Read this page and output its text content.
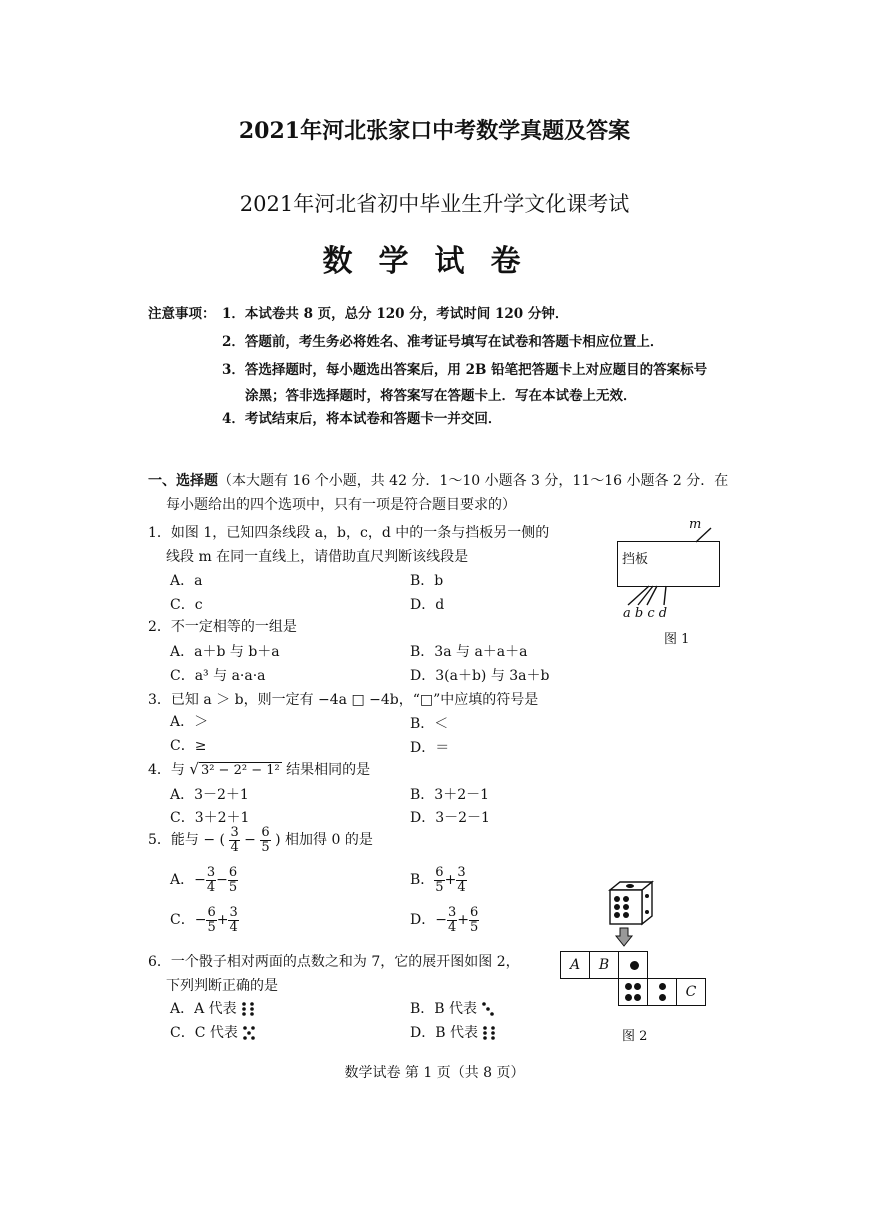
2021年河北张家口中考数学真题及答案
2021年河北省初中毕业生升学文化课考试
数学试卷
注意事项： 1．本试卷共 8 页，总分 120 分，考试时间 120 分钟．
2．答题前，考生务必将姓名、准考证号填写在试卷和答题卡相应位置上．
3．答选择题时，每小题选出答案后，用 2B 铅笔把答题卡上对应题目的答案标号
涂黑；答非选择题时，将答案写在答题卡上．写在本试卷上无效．
4．考试结束后，将本试卷和答题卡一并交回．
一、选择题（本大题有 16 个小题，共 42 分．1～10 小题各 3 分，11～16 小题各 2 分．在
每小题给出的四个选项中，只有一项是符合题目要求的）
1．如图 1，已知四条线段 a，b，c，d 中的一条与挡板另一侧的
线段 m 在同一直线上，请借助直尺判断该线段是
A．a	B．b
C．c	D．d
挡板
m
a b c d
图 1
2．不一定相等的一组是
A．a＋b 与 b＋a	B．3a 与 a＋a＋a
C．a³ 与 a·a·a	D．3(a＋b) 与 3a＋b
3．已知 a ＞ b，则一定有 −4a □ −4b，“□”中应填的符号是
A．＞	B．＜
C．≥	D．＝
4．与 √ 3² − 2² − 1² 结果相同的是
A．3－2＋1	B．3＋2－1
C．3＋2＋1	D．3－2－1
5．能与 − ( $\frac{3}{4} - \frac{6}{5}$ ) 相加得 0 的是
A．− $\frac{3}{4} - \frac{6}{5}$	B． $\frac{6}{5} + \frac{3}{4}$
C．− $\frac{6}{5} + \frac{3}{4}$	D．− $\frac{3}{4} + \frac{6}{5}$
6．一个骰子相对两面的点数之和为 7，它的展开图如图 2，
下列判断正确的是
A．A 代表	B．B 代表
C．C 代表	D．B 代表
A B
C
图 2
数学试卷 第 1 页（共 8 页）
